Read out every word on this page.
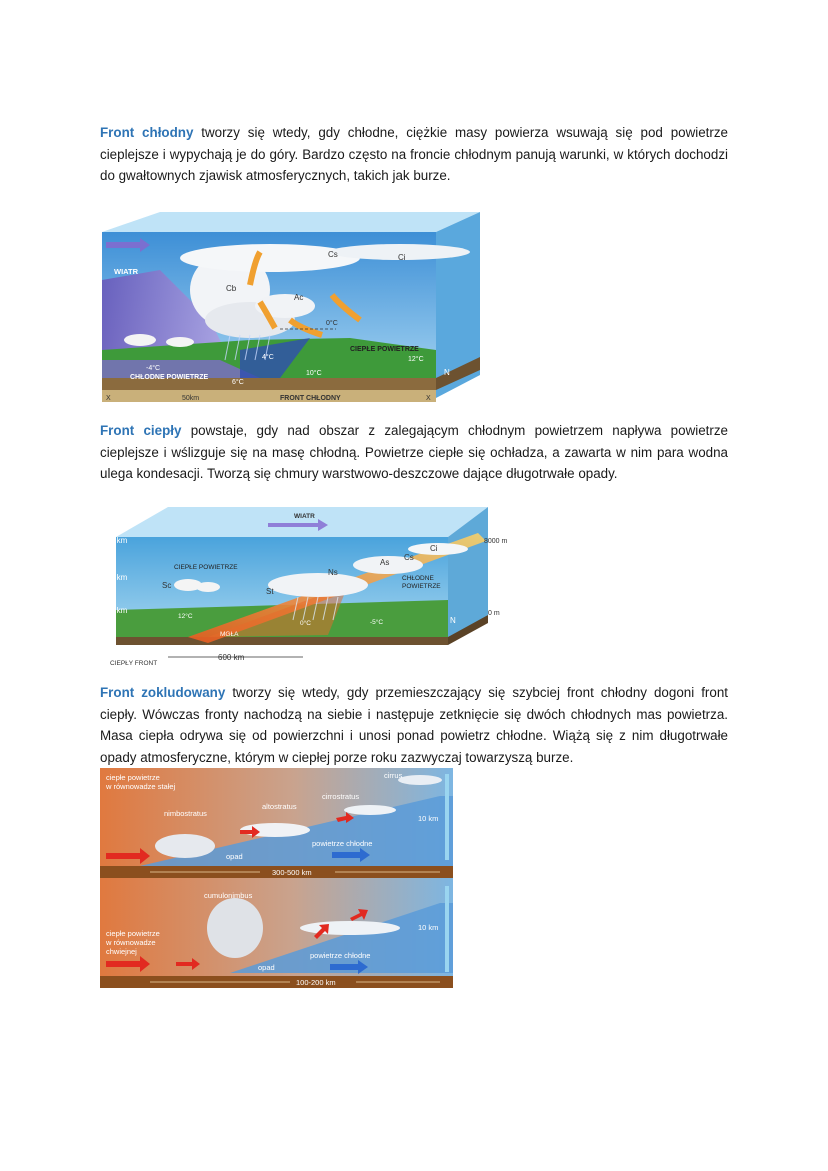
Front chłodny tworzy się wtedy, gdy chłodne, ciężkie masy powierza wsuwają się pod powietrze cieplejsze i wypychają je do góry. Bardzo często na froncie chłodnym panują warunki, w których dochodzi do gwałtownych zjawisk atmosferycznych, takich jak burze.

WIATR
Cb
Cs	Ci
Ac
0°C
CIEPŁE POWIETRZE
12°C
10°C
4°C
-4°C
CHŁODNE POWIETRZE
6°C
X	X
50km	FRONT CHŁODNY
N

Front ciepły powstaje, gdy nad obszar z zalegającym chłodnym powietrzem napływa powietrze cieplejsze i wślizguje się na masę chłodną. Powietrze ciepłe się ochładza, a zawarta w nim para wodna ulega kondesacji. Tworzą się chmury warstwowo-deszczowe dające długotrwałe opady.

WIATR
8 km
4 km
0 km
8000 m
0 m
CIEPŁE POWIETRZE
Sc
St
Ns
As
Cs
Ci
CHŁODNE
POWIETRZE
12°C
0°C	-5°C
MGŁA
N
CIEPŁY FRONT
600 km

Front zokludowany tworzy się wtedy, gdy przemieszczający się szybciej front chłodny dogoni front ciepły. Wówczas fronty nachodzą na siebie i następuje zetknięcie się dwóch chłodnych mas powietrza. Masa ciepła odrywa się od powierzchni i unosi ponad powietrz chłodne. Wiążą się z nim długotrwałe opady atmosferyczne, którym w ciepłej porze roku zazwyczaj towarzyszą burze.

ciepłe powietrze
w równowadze stałej
cirrus
cirrostratus
altostratus
nimbostratus
10 km
opad
powietrze chłodne
300-500 km
cumulonimbus
ciepłe powietrze
w równowadze
chwiejnej
10 km
opad
powietrze chłodne
100-200 km
